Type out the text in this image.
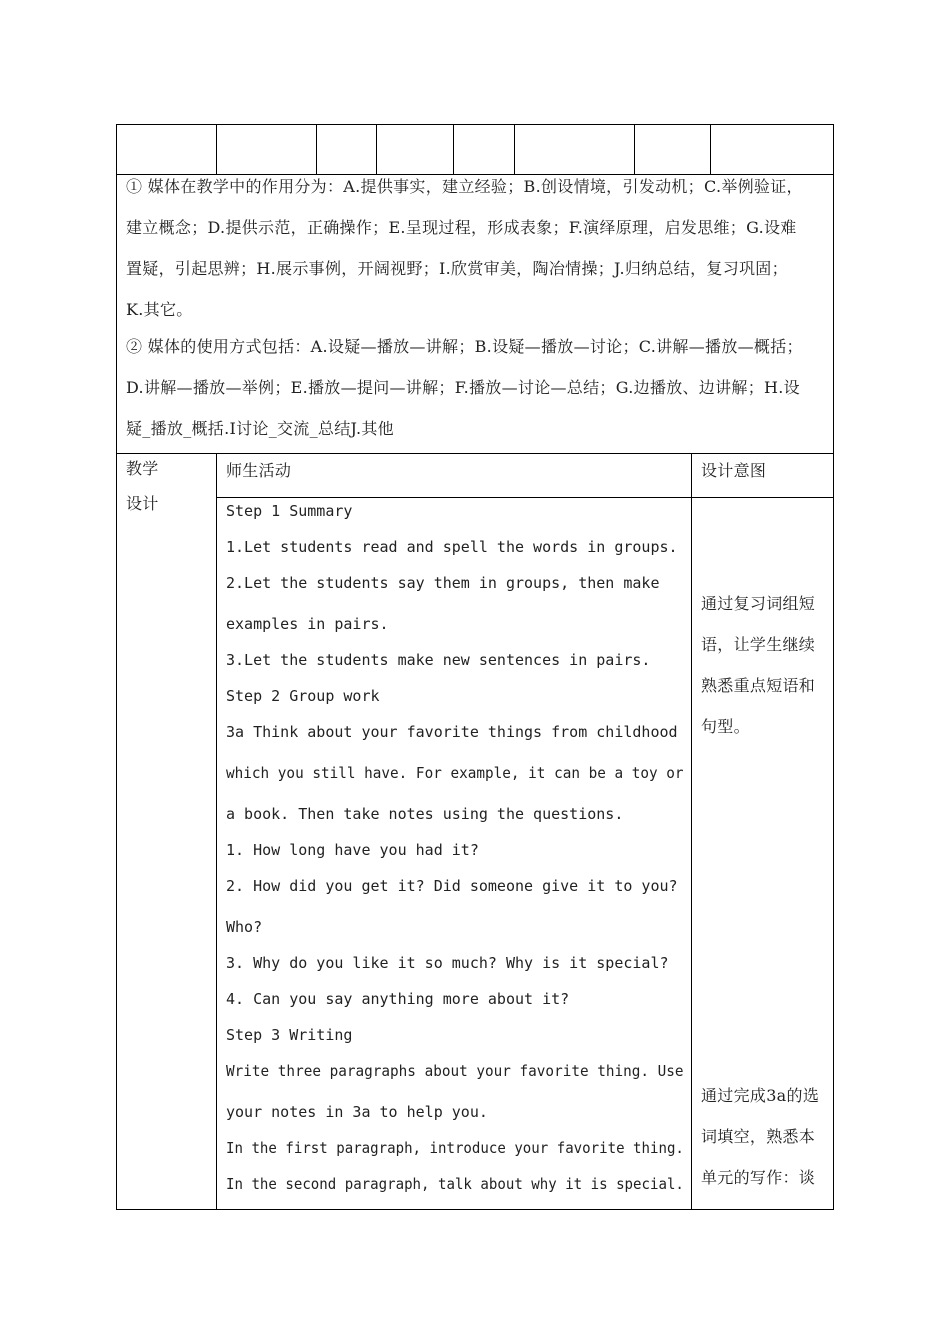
① 媒体在教学中的作用分为：A.提供事实，建立经验；B.创设情境，引发动机；C.举例验证，
建立概念；D.提供示范，正确操作；E.呈现过程，形成表象；F.演绎原理，启发思维；G.设难
置疑，引起思辨；H.展示事例，开阔视野；I.欣赏审美，陶冶情操；J.归纳总结，复习巩固；
K.其它。
② 媒体的使用方式包括：A.设疑—播放—讲解；B.设疑—播放—讨论；C.讲解—播放—概括；
D.讲解—播放—举例；E.播放—提问—讲解；F.播放—讨论—总结；G.边播放、边讲解；H.设
疑_播放_概括.I讨论_交流_总结J.其他
教学
设计
师生活动	设计意图
Step 1 Summary
1.Let students read and spell the words in groups.
2.Let the students say them in groups, then make
examples in pairs.
3.Let the students make new sentences in pairs.
Step 2 Group work
3a Think about your favorite things from childhood
which you still have. For example, it can be a toy or
a book. Then take notes using the questions.
1. How long have you had it?
2. How did you get it? Did someone give it to you?
Who?
3. Why do you like it so much? Why is it special?
4. Can you say anything more about it?
Step 3 Writing
Write three paragraphs about your favorite thing. Use
your notes in 3a to help you.
In the first paragraph, introduce your favorite thing.
In the second paragraph, talk about why it is special.
通过复习词组短
语，让学生继续
熟悉重点短语和
句型。
通过完成3a的选
词填空，熟悉本
单元的写作：谈
